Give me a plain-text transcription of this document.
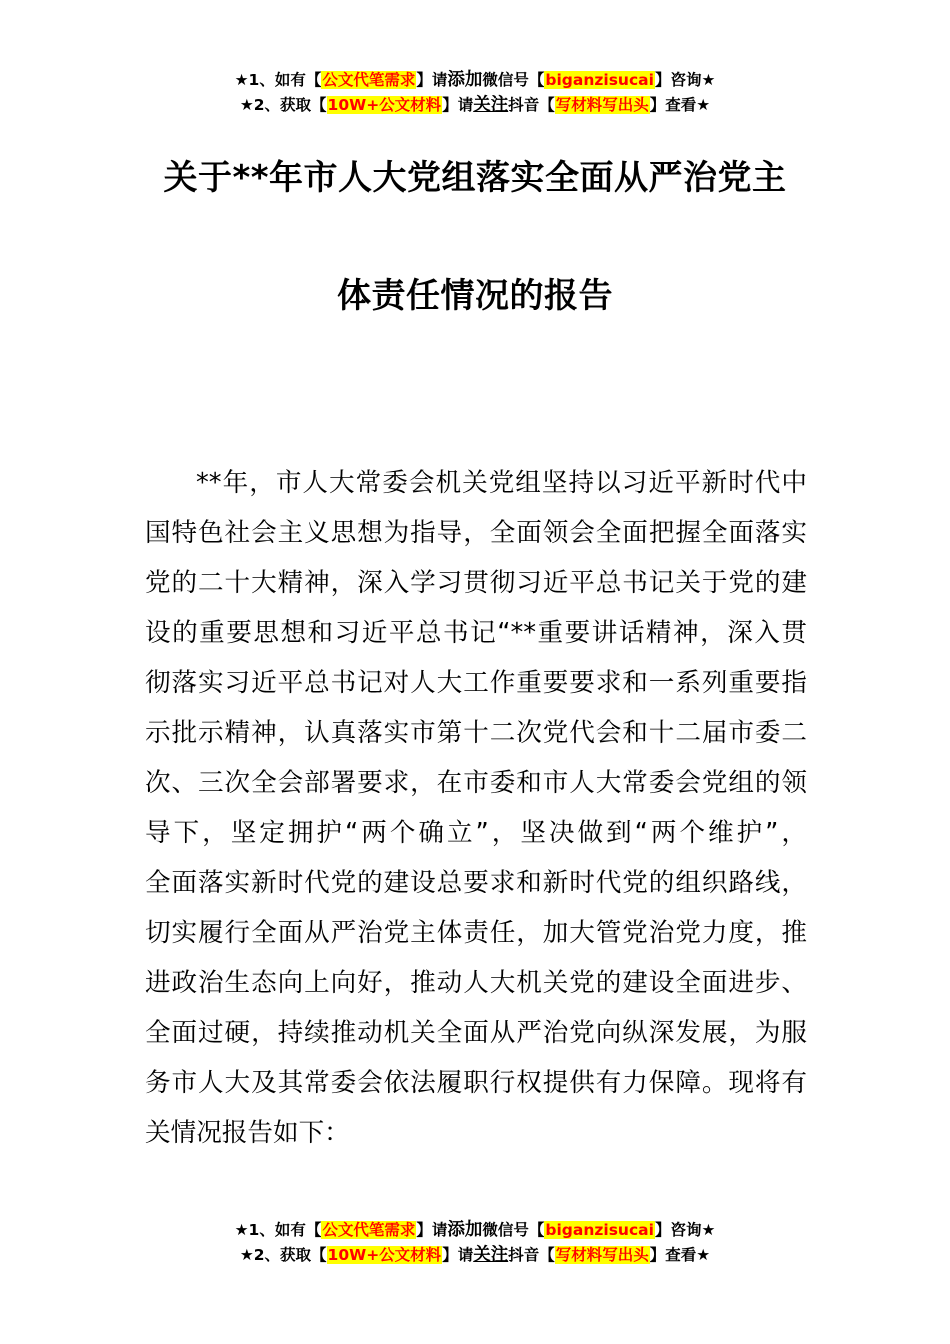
★1、如有【公文代笔需求】请添加微信号【biganzisucai】咨询★
★2、获取【10W+公文材料】请关注抖音【写材料写出头】查看★
关于**年市人大党组落实全面从严治党主
体责任情况的报告
**年，市人大常委会机关党组坚持以习近平新时代中
国特色社会主义思想为指导，全面领会全面把握全面落实
党的二十大精神，深入学习贯彻习近平总书记关于党的建
设的重要思想和习近平总书记“**重要讲话精神，深入贯
彻落实习近平总书记对人大工作重要要求和一系列重要指
示批示精神，认真落实市第十二次党代会和十二届市委二
次、三次全会部署要求，在市委和市人大常委会党组的领
导下，坚定拥护“两个确立”，坚决做到“两个维护”，
全面落实新时代党的建设总要求和新时代党的组织路线，
切实履行全面从严治党主体责任，加大管党治党力度，推
进政治生态向上向好，推动人大机关党的建设全面进步、
全面过硬，持续推动机关全面从严治党向纵深发展，为服
务市人大及其常委会依法履职行权提供有力保障。现将有
关情况报告如下：
★1、如有【公文代笔需求】请添加微信号【biganzisucai】咨询★
★2、获取【10W+公文材料】请关注抖音【写材料写出头】查看★
